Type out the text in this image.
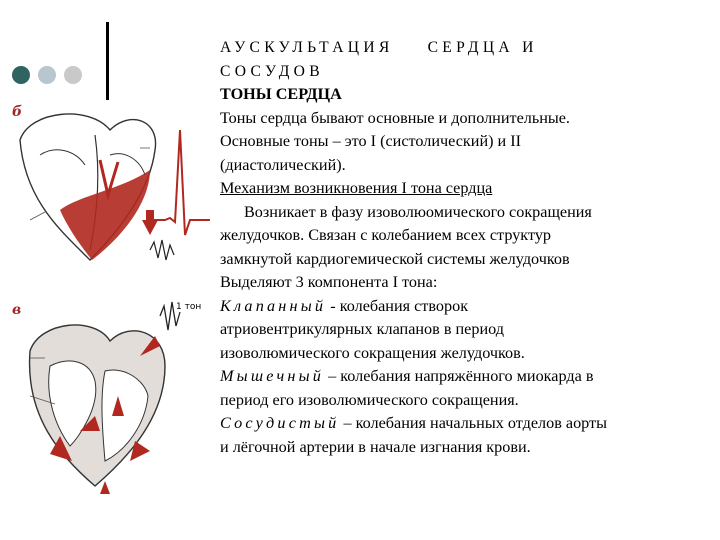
б
в	1 тон

АУСКУЛЬТАЦИЯ СЕРДЦА И

СОСУДОВ

ТОНЫ СЕРДЦА

Тоны сердца бывают основные и дополнительные.

Основные тоны – это I (систолический) и II

(диастолический).

Механизм возникновения I тона сердца

Возникает в фазу изоволюомического сокращения

желудочков. Связан с колебанием всех структур

замкнутой кардиогемической системы желудочков

Выделяют 3 компонента I тона:

Клапанный - колебания створок

атриовентрикулярных клапанов в период

изоволюмического сокращения желудочков.

Мышечный – колебания напряжённого миокарда в

период его изоволюмического сокращения.

Сосудистый – колебания начальных отделов аорты

и лёгочной артерии в начале изгнания крови.
